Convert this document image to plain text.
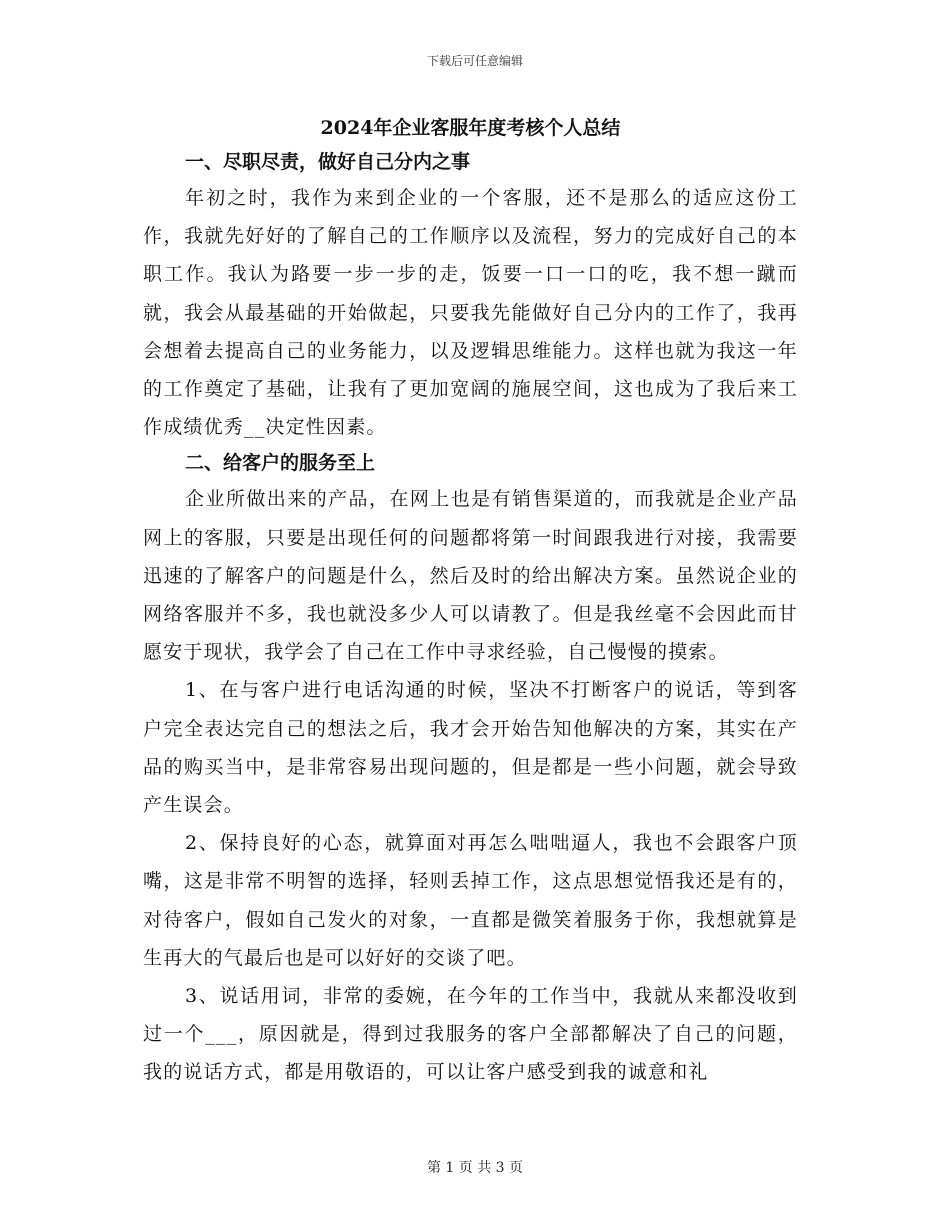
下载后可任意编辑
2024年企业客服年度考核个人总结
一、尽职尽责，做好自己分内之事

年初之时，我作为来到企业的一个客服，还不是那么的适应这份工作，我就先好好的了解自己的工作顺序以及流程，努力的完成好自己的本职工作。我认为路要一步一步的走，饭要一口一口的吃，我不想一蹴而就，我会从最基础的开始做起，只要我先能做好自己分内的工作了，我再会想着去提高自己的业务能力，以及逻辑思维能力。这样也就为我这一年的工作奠定了基础，让我有了更加宽阔的施展空间，这也成为了我后来工作成绩优秀__决定性因素。

二、给客户的服务至上

企业所做出来的产品，在网上也是有销售渠道的，而我就是企业产品网上的客服，只要是出现任何的问题都将第一时间跟我进行对接，我需要迅速的了解客户的问题是什么，然后及时的给出解决方案。虽然说企业的网络客服并不多，我也就没多少人可以请教了。但是我丝毫不会因此而甘愿安于现状，我学会了自己在工作中寻求经验，自己慢慢的摸索。

1、在与客户进行电话沟通的时候，坚决不打断客户的说话，等到客户完全表达完自己的想法之后，我才会开始告知他解决的方案，其实在产品的购买当中，是非常容易出现问题的，但是都是一些小问题，就会导致产生误会。

2、保持良好的心态，就算面对再怎么咄咄逼人，我也不会跟客户顶嘴，这是非常不明智的选择，轻则丢掉工作，这点思想觉悟我还是有的，对待客户，假如自己发火的对象，一直都是微笑着服务于你，我想就算是生再大的气最后也是可以好好的交谈了吧。

3、说话用词，非常的委婉，在今年的工作当中，我就从来都没收到过一个___，原因就是，得到过我服务的客户全部都解决了自己的问题，我的说话方式，都是用敬语的，可以让客户感受到我的诚意和礼

第 1 页 共 3 页
